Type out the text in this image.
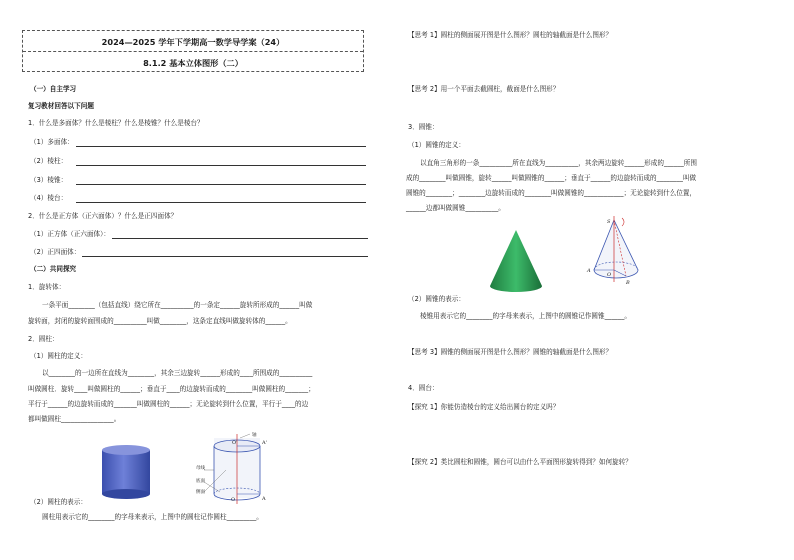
2024—2025 学年下学期高一数学导学案（24）
8.1.2 基本立体图形（二）
（一）自主学习
复习教材回答以下问题
1．什么是多面体？什么是棱柱？什么是棱锥？什么是棱台？
（1）多面体：
（2）棱柱：
（3）棱锥：
（4）棱台：
2．什么是正方体（正六面体）？什么是正四面体？
（1）正方体（正六面体）：
（2）正四面体：
（二）共同探究
1．旋转体：
一条平面________（包括直线）绕它所在__________的一条定______旋转所形成的______叫做
旋转面，封闭的旋转面围成的__________叫做________，这条定直线叫做旋转体的______。
2．圆柱：
（1）圆柱的定义：
以________的一边所在直线为________，其余三边旋转______形成的____所围成的__________
叫做圆柱．旋转____叫做圆柱的______；垂直于____的边旋转而成的________叫做圆柱的_______；
平行于______的边旋转而成的_______叫做圆柱的______；无论旋转到什么位置，平行于____的边
都叫做圆柱________________。
O'	A'
轴
母线
底面
侧面
O	A
（2）圆柱的表示：
圆柱用表示它的________的字母来表示，上图中的圆柱记作圆柱_________。
【思考 1】圆柱的侧面展开图是什么图形？圆柱的轴截面是什么图形？
【思考 2】用一个平面去截圆柱，截面是什么图形？
3．圆锥：
（1）圆锥的定义：
以直角三角形的一条__________所在直线为__________，其余两边旋转______形成的______所围
成的________叫做圆锥，旋转______叫做圆锥的______；垂直于______的边旋转而成的________叫做
圆锥的________；________边旋转而成的________叫做圆锥的____________；无论旋转到什么位置，
______边都叫做圆锥__________。
S
A
O
B
（2）圆锥的表示：
棱锥用表示它的________的字母来表示，上图中的圆锥记作圆锥______。
【思考 3】圆锥的侧面展开图是什么图形？圆锥的轴截面是什么图形？
4．圆台：
【探究 1】你能仿造棱台的定义给出圆台的定义吗？
【探究 2】类比圆柱和圆锥，圆台可以由什么平面图形旋转得到？如何旋转？
